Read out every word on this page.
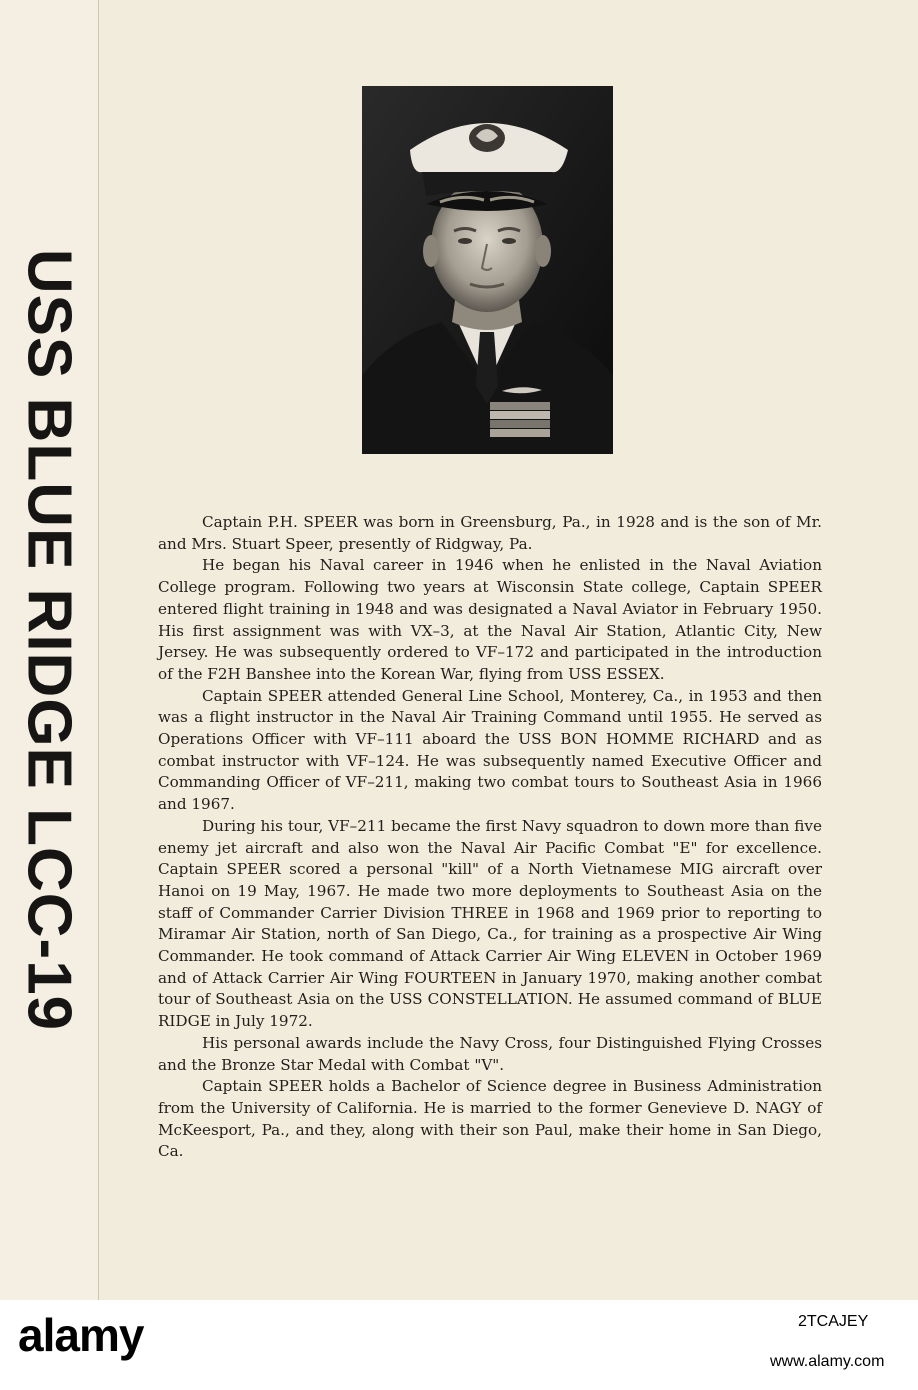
USS BLUE RIDGE LCC-19	Captain P.H. SPEER was born in Greensburg, Pa., in 1928 and is the son of Mr. and Mrs. Stuart Speer, presently of Ridgway, Pa.

He began his Naval career in 1946 when he enlisted in the Naval Aviation College program. Following two years at Wisconsin State college, Captain SPEER entered flight training in 1948 and was designated a Naval Aviator in February 1950. His first assignment was with VX–3, at the Naval Air Station, Atlantic City, New Jersey. He was subsequently ordered to VF–172 and participated in the introduction of the F2H Banshee into the Korean War, flying from USS ESSEX.

Captain SPEER attended General Line School, Monterey, Ca., in 1953 and then was a flight instructor in the Naval Air Training Command until 1955. He served as Operations Officer with VF–111 aboard the USS BON HOMME RICHARD and as combat instructor with VF–124. He was subsequently named Executive Officer and Commanding Officer of VF–211, making two combat tours to Southeast Asia in 1966 and 1967.

During his tour, VF–211 became the first Navy squadron to down more than five enemy jet aircraft and also won the Naval Air Pacific Combat "E" for excellence. Captain SPEER scored a personal "kill" of a North Vietnamese MIG aircraft over Hanoi on 19 May, 1967. He made two more deployments to Southeast Asia on the staff of Commander Carrier Division THREE in 1968 and 1969 prior to reporting to Miramar Air Station, north of San Diego, Ca., for training as a prospective Air Wing Commander. He took command of Attack Carrier Air Wing ELEVEN in October 1969 and of Attack Carrier Air Wing FOURTEEN in January 1970, making another combat tour of Southeast Asia on the USS CONSTELLATION. He assumed command of BLUE RIDGE in July 1972.

His personal awards include the Navy Cross, four Distinguished Flying Crosses and the Bronze Star Medal with Combat "V".

Captain SPEER holds a Bachelor of Science degree in Business Administration from the University of California. He is married to the former Genevieve D. NAGY of McKeesport, Pa., and they, along with their son Paul, make their home in San Diego, Ca.

alamy	2TCAJEY
www.alamy.com
